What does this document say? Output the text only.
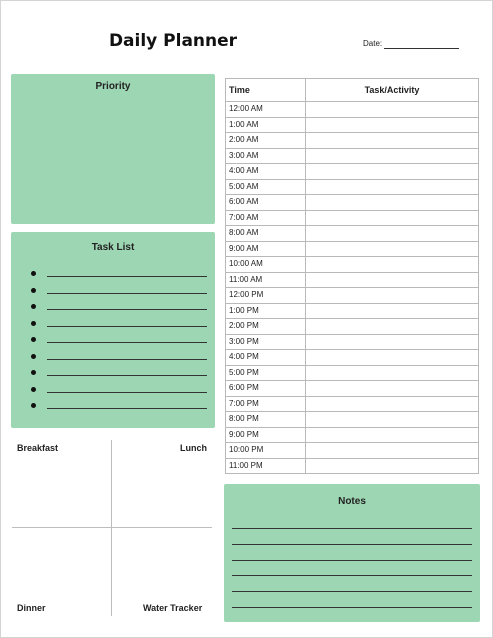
Daily Planner	Date:
Priority
Task List
Breakfast	Lunch
Dinner	Water Tracker
Time	Task/Activity
12:00 AM	
1:00 AM	
2:00 AM	
3:00 AM	
4:00 AM	
5:00 AM	
6:00 AM	
7:00 AM	
8:00 AM	
9:00 AM	
10:00 AM	
11:00 AM	
12:00 PM	
1:00 PM	
2:00 PM	
3:00 PM	
4:00 PM	
5:00 PM	
6:00 PM	
7:00 PM	
8:00 PM	
9:00 PM	
10:00 PM	
11:00 PM	
Notes
